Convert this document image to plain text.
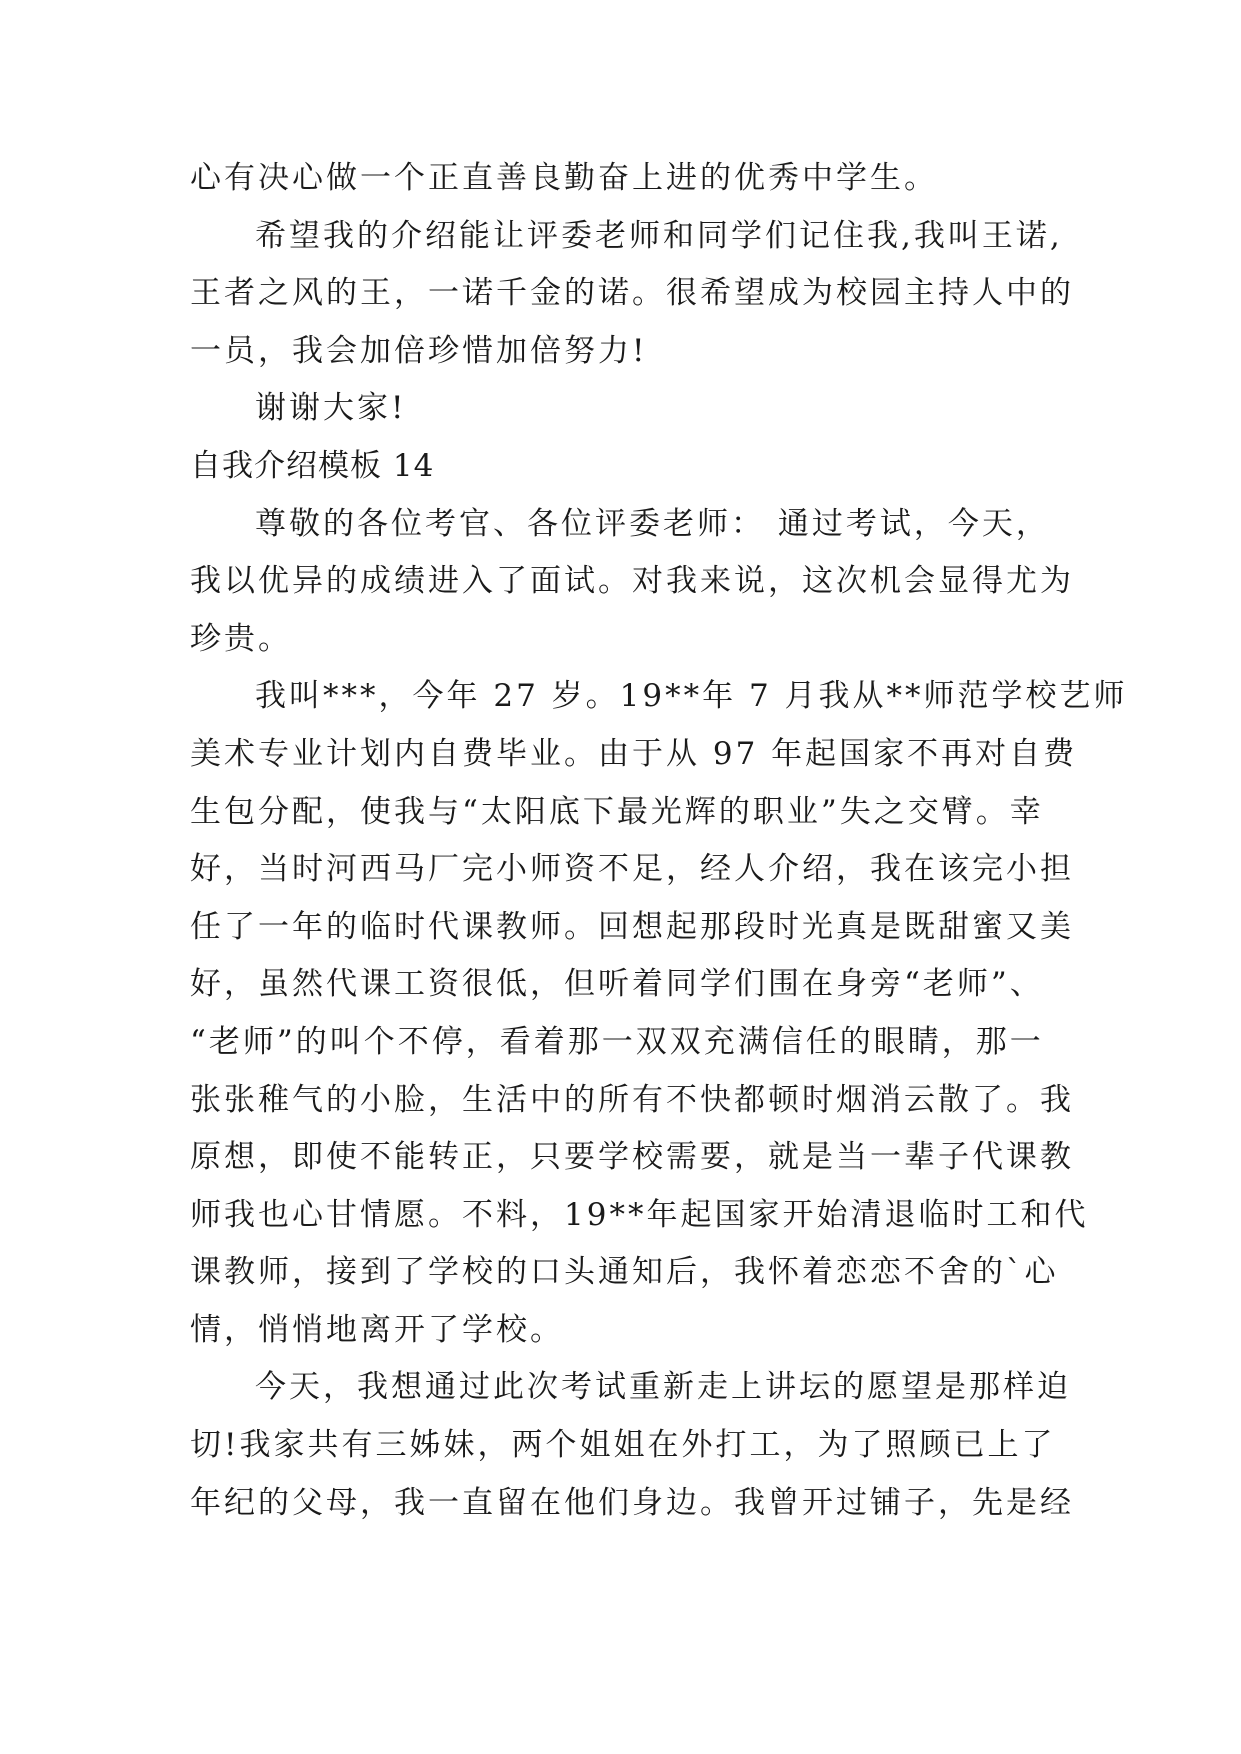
心有决心做一个正直善良勤奋上进的优秀中学生。
希望我的介绍能让评委老师和同学们记住我,我叫王诺,
王者之风的王，一诺千金的诺。很希望成为校园主持人中的
一员，我会加倍珍惜加倍努力!
谢谢大家!
自我介绍模板 14
尊敬的各位考官、各位评委老师： 通过考试，今天，
我以优异的成绩进入了面试。对我来说，这次机会显得尤为
珍贵。
我叫***，今年 27 岁。19**年 7 月我从**师范学校艺师
美术专业计划内自费毕业。由于从 97 年起国家不再对自费
生包分配，使我与“太阳底下最光辉的职业”失之交臂。幸
好，当时河西马厂完小师资不足，经人介绍，我在该完小担
任了一年的临时代课教师。回想起那段时光真是既甜蜜又美
好，虽然代课工资很低，但听着同学们围在身旁“老师”、
“老师”的叫个不停，看着那一双双充满信任的眼睛，那一
张张稚气的小脸，生活中的所有不快都顿时烟消云散了。我
原想，即使不能转正，只要学校需要，就是当一辈子代课教
师我也心甘情愿。不料，19**年起国家开始清退临时工和代
课教师，接到了学校的口头通知后，我怀着恋恋不舍的`心
情，悄悄地离开了学校。
今天，我想通过此次考试重新走上讲坛的愿望是那样迫
切!我家共有三姊妹，两个姐姐在外打工，为了照顾已上了
年纪的父母，我一直留在他们身边。我曾开过铺子，先是经
